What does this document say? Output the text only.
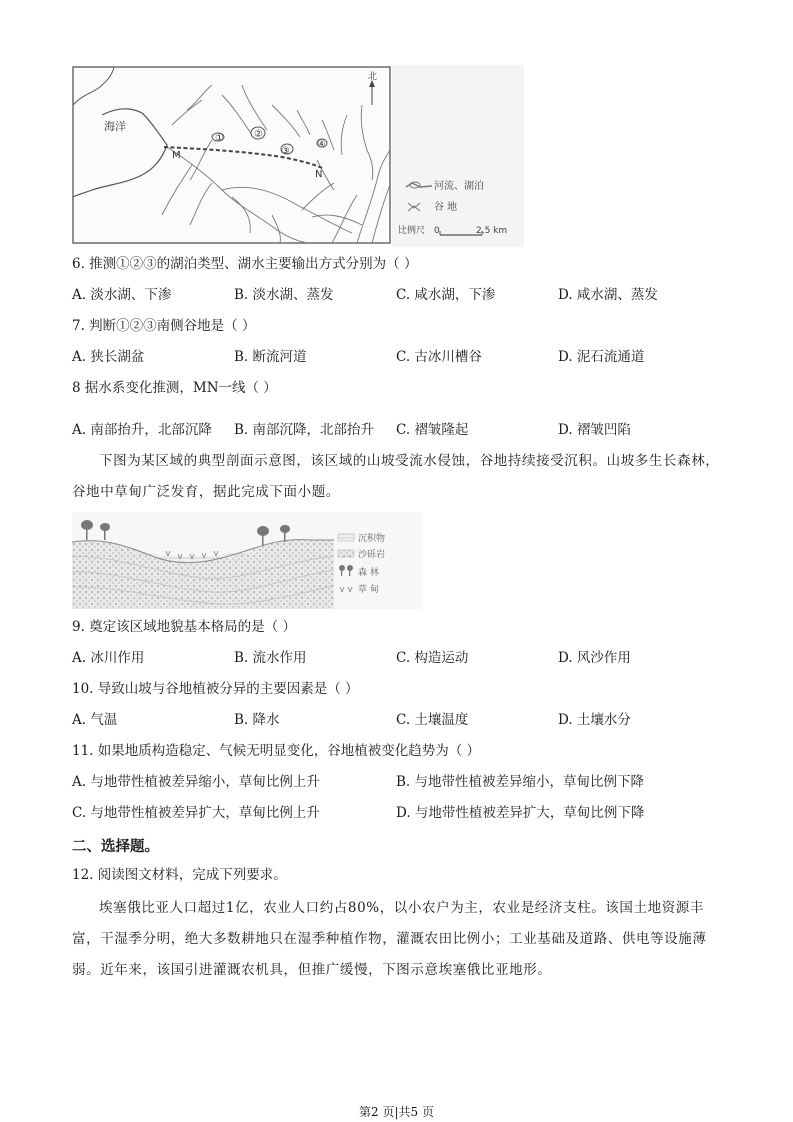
海洋
①	②
③
④
M
N
北
河流、湖泊
谷 地
比例尺 0	2.5 km
6. 推测①②③的湖泊类型、湖水主要输出方式分别为（ ）
A. 淡水湖、下渗	B. 淡水湖、蒸发	C. 咸水湖，下渗	D. 咸水湖、蒸发
7. 判断①②③南侧谷地是（ ）
A. 狭长湖盆	B. 断流河道	C. 古冰川槽谷	D. 泥石流通道
8 据水系变化推测，MN一线（ ）
A. 南部抬升，北部沉降 B. 南部沉降，北部抬升 C. 褶皱隆起	D. 褶皱凹陷
下图为某区域的典型剖面示意图，该区域的山坡受流水侵蚀，谷地持续接受沉积。山坡多生长森林，谷地中草甸广泛发育，据此完成下面小题。
沉积物
沙砾岩
森 林
草 甸
9. 奠定该区域地貌基本格局的是（ ）
A. 冰川作用	B. 流水作用	C. 构造运动	D. 风沙作用
10. 导致山坡与谷地植被分异的主要因素是（ ）
A. 气温	B. 降水	C. 土壤温度	D. 土壤水分
11. 如果地质构造稳定、气候无明显变化，谷地植被变化趋势为（ ）
A. 与地带性植被差异缩小，草甸比例上升	B. 与地带性植被差异缩小，草甸比例下降
C. 与地带性植被差异扩大，草甸比例上升	D. 与地带性植被差异扩大，草甸比例下降
二、选择题。
12. 阅读图文材料，完成下列要求。
埃塞俄比亚人口超过1亿，农业人口约占80%，以小农户为主，农业是经济支柱。该国土地资源丰富，干湿季分明，绝大多数耕地只在湿季种植作物，灌溉农田比例小；工业基础及道路、供电等设施薄弱。近年来，该国引进灌溉农机具，但推广缓慢，下图示意埃塞俄比亚地形。
第2 页|共5 页
